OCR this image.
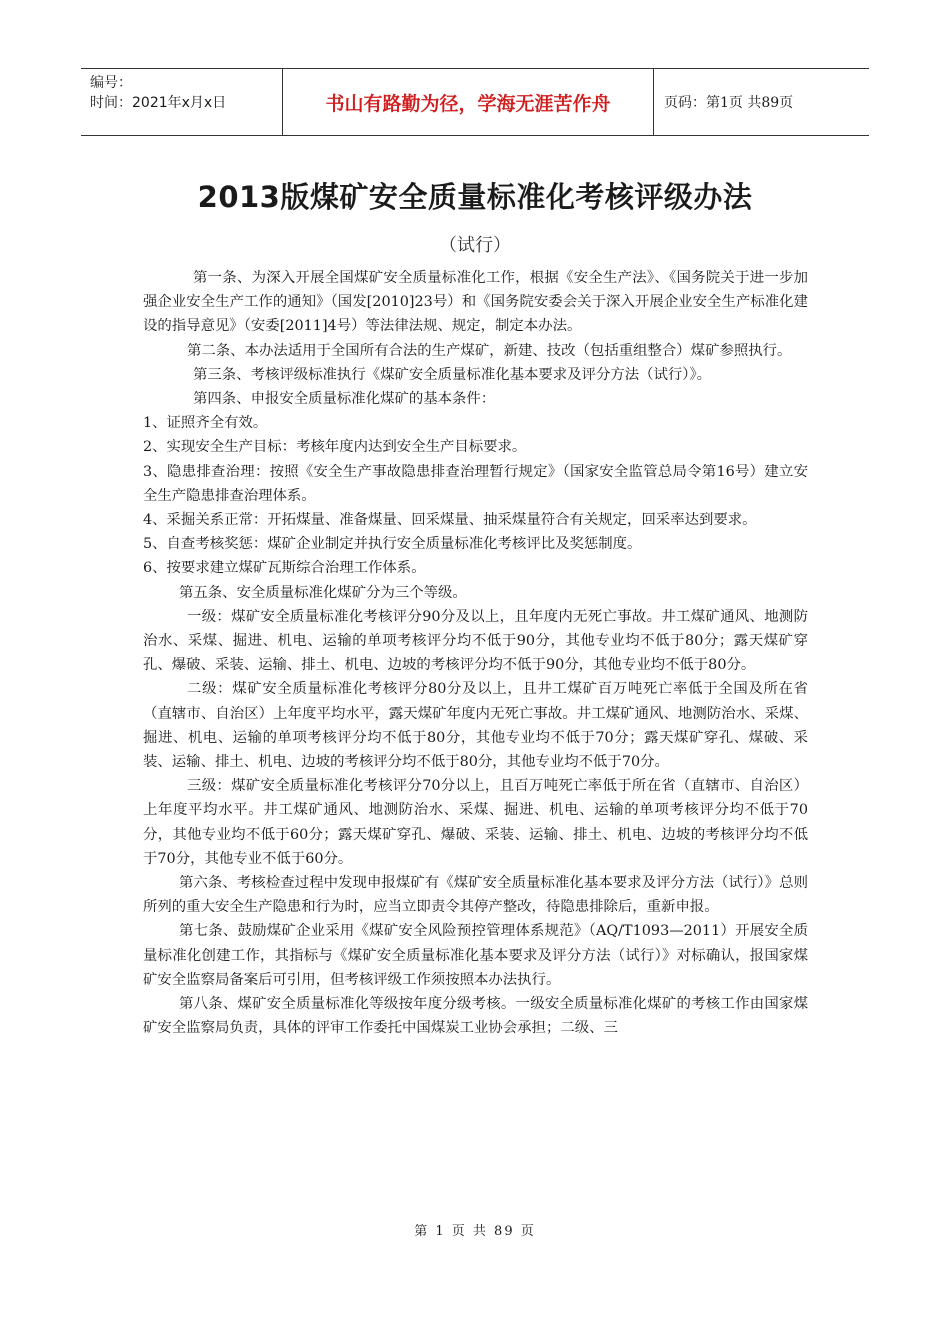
编号：
时间：2021年x月x日	书山有路勤为径，学海无涯苦作舟	页码：第1页 共89页
2013版煤矿安全质量标准化考核评级办法
（试行）

第一条、为深入开展全国煤矿安全质量标准化工作，根据《安全生产法》、《国务院关于进一步加强企业安全生产工作的通知》（国发[2010]23号）和《国务院安委会关于深入开展企业安全生产标准化建设的指导意见》（安委[2011]4号）等法律法规、规定，制定本办法。

第二条、本办法适用于全国所有合法的生产煤矿，新建、技改（包括重组整合）煤矿参照执行。

第三条、考核评级标准执行《煤矿安全质量标准化基本要求及评分方法（试行）》。

第四条、申报安全质量标准化煤矿的基本条件：

1、证照齐全有效。

2、实现安全生产目标：考核年度内达到安全生产目标要求。

3、隐患排查治理：按照《安全生产事故隐患排查治理暂行规定》（国家安全监管总局令第16号）建立安全生产隐患排查治理体系。

4、采掘关系正常：开拓煤量、准备煤量、回采煤量、抽采煤量符合有关规定，回采率达到要求。

5、自查考核奖惩：煤矿企业制定并执行安全质量标准化考核评比及奖惩制度。

6、按要求建立煤矿瓦斯综合治理工作体系。

第五条、安全质量标准化煤矿分为三个等级。

一级：煤矿安全质量标准化考核评分90分及以上，且年度内无死亡事故。井工煤矿通风、地测防治水、采煤、掘进、机电、运输的单项考核评分均不低于90分，其他专业均不低于80分；露天煤矿穿孔、爆破、采装、运输、排土、机电、边坡的考核评分均不低于90分，其他专业均不低于80分。

二级：煤矿安全质量标准化考核评分80分及以上，且井工煤矿百万吨死亡率低于全国及所在省（直辖市、自治区）上年度平均水平，露天煤矿年度内无死亡事故。井工煤矿通风、地测防治水、采煤、掘进、机电、运输的单项考核评分均不低于80分，其他专业均不低于70分；露天煤矿穿孔、煤破、采装、运输、排土、机电、边坡的考核评分均不低于80分，其他专业均不低于70分。

三级：煤矿安全质量标准化考核评分70分以上，且百万吨死亡率低于所在省（直辖市、自治区）上年度平均水平。井工煤矿通风、地测防治水、采煤、掘进、机电、运输的单项考核评分均不低于70分，其他专业均不低于60分；露天煤矿穿孔、爆破、采装、运输、排土、机电、边坡的考核评分均不低于70分，其他专业不低于60分。

第六条、考核检查过程中发现申报煤矿有《煤矿安全质量标准化基本要求及评分方法（试行）》总则所列的重大安全生产隐患和行为时，应当立即责令其停产整改，待隐患排除后，重新申报。

第七条、鼓励煤矿企业采用《煤矿安全风险预控管理体系规范》（AQ/T1093—2011）开展安全质量标准化创建工作，其指标与《煤矿安全质量标准化基本要求及评分方法（试行）》对标确认，报国家煤矿安全监察局备案后可引用，但考核评级工作须按照本办法执行。

第八条、煤矿安全质量标准化等级按年度分级考核。一级安全质量标准化煤矿的考核工作由国家煤矿安全监察局负责，具体的评审工作委托中国煤炭工业协会承担；二级、三

第 1 页 共 89 页
